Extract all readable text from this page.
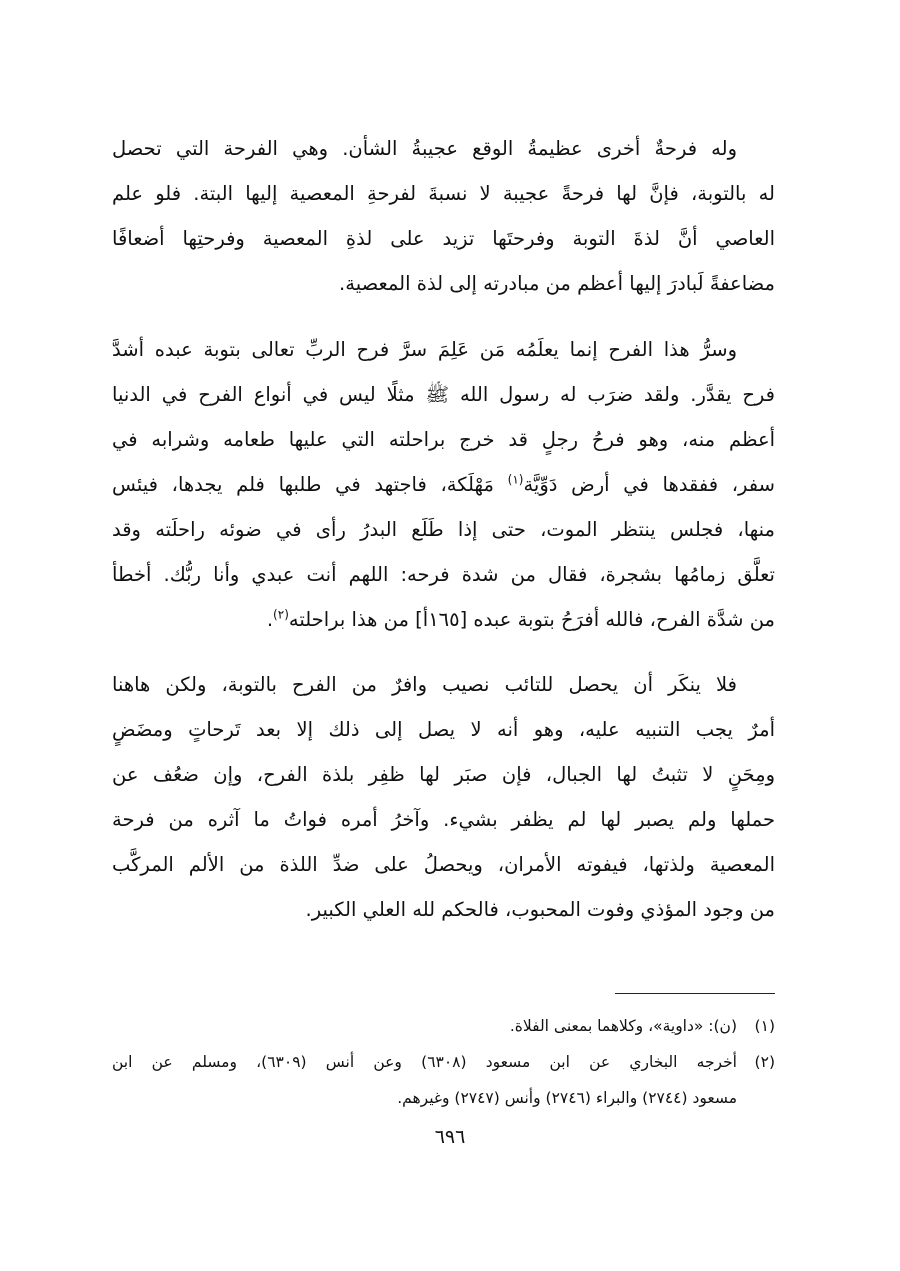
وله فرحةٌ أخرى عظيمةُ الوقع عجيبةُ الشأن. وهي الفرحة التي تحصل
له بالتوبة، فإنَّ لها فرحةً عجيبة لا نسبةَ لفرحةِ المعصية إليها البتة. فلو علم
العاصي أنَّ لذةَ التوبة وفرحتَها تزيد على لذةِ المعصية وفرحتِها أضعافًا
مضاعفةً لَبادرَ إليها أعظم من مبادرته إلى لذة المعصية.
وسرُّ هذا الفرح إنما يعلَمُه مَن عَلِمَ سرَّ فرح الربِّ تعالى بتوبة عبده أشدَّ
فرح يقدَّر. ولقد ضرَب له رسول الله ﷺ مثلًا ليس في أنواع الفرح في الدنيا
أعظم منه، وهو فرحُ رجلٍ قد خرج براحلته التي عليها طعامه وشرابه في
سفر، ففقدها في أرض دَوِّيَّة$^{(١)}$ مَهْلَكة، فاجتهد في طلبها فلم يجدها، فيئس
منها، فجلس ينتظر الموت، حتى إذا طَلَع البدرُ رأى في ضوئه راحلَته وقد
تعلَّق زمامُها بشجرة، فقال من شدة فرحه: اللهم أنت عبدي وأنا ربُّك. أخطأ
من شدَّة الفرح، فالله أفرَحُ بتوبة عبده [١٦٥أ] من هذا براحلته$^{(٢)}$.
فلا ينكَر أن يحصل للتائب نصيب وافرٌ من الفرح بالتوبة، ولكن هاهنا
أمرٌ يجب التنبيه عليه، وهو أنه لا يصل إلى ذلك إلا بعد تَرحاتٍ ومضَضٍ
ومِحَنٍ لا تثبتُ لها الجبال، فإن صبَر لها ظفِر بلذة الفرح، وإن ضعُف عن
حملها ولم يصبر لها لم يظفر بشيء. وآخرُ أمره فواتُ ما آثره من فرحة
المعصية ولذتها، فيفوته الأمران، ويحصلُ على ضدِّ اللذة من الألم المركَّب
من وجود المؤذي وفوت المحبوب، فالحكم لله العلي الكبير.
(١)
(ن): «داوية»، وكلاهما بمعنى الفلاة.
(٢)
أخرجه البخاري عن ابن مسعود (٦٣٠٨) وعن أنس (٦٣٠٩)، ومسلم عن ابن
مسعود (٢٧٤٤) والبراء (٢٧٤٦) وأنس (٢٧٤٧) وغيرهم.
٦٩٦
